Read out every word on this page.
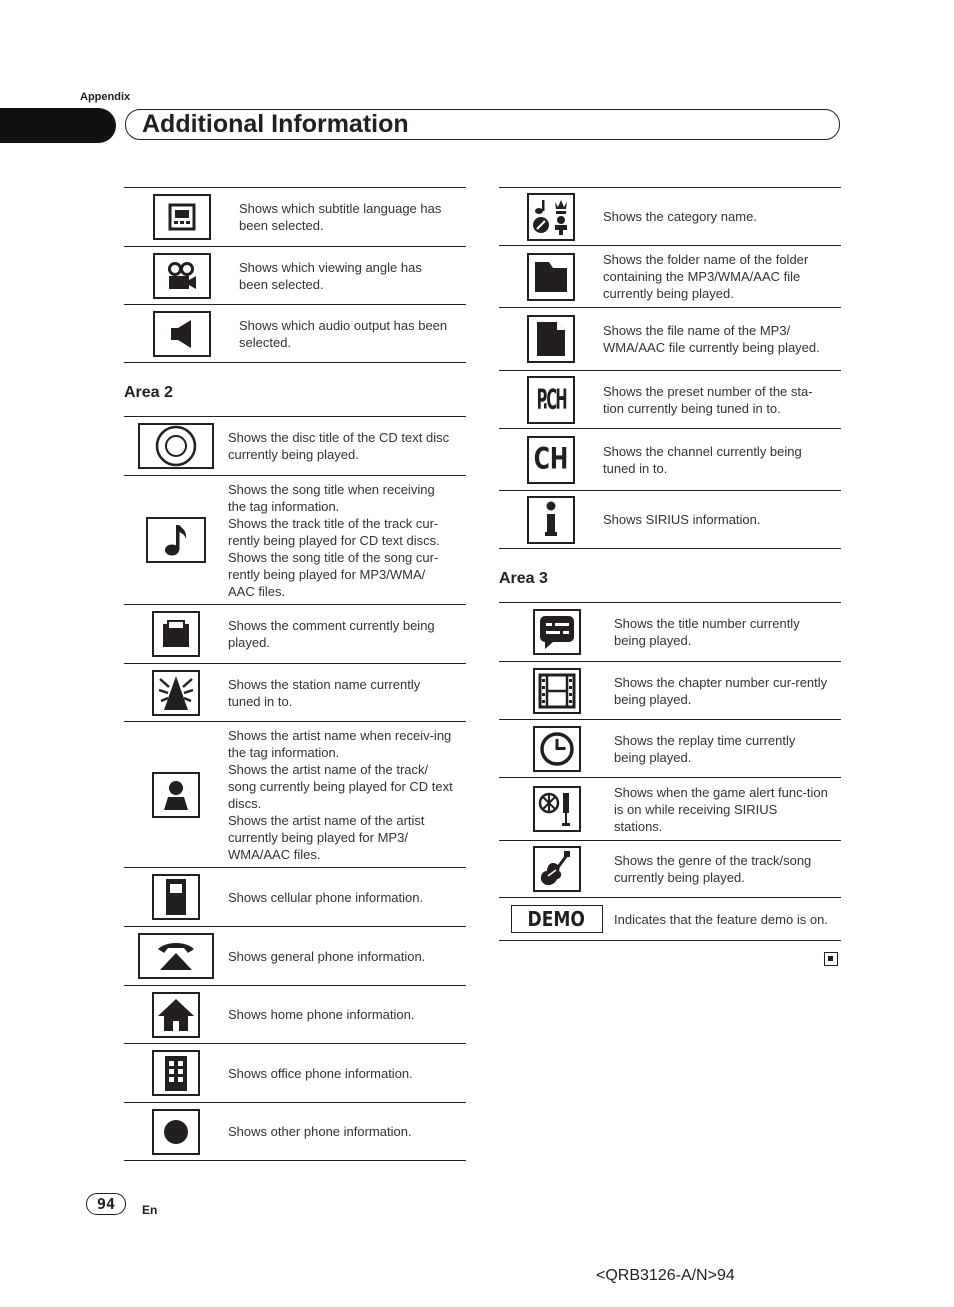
Appendix
Additional Information
Shows which subtitle language has been selected.
Shows which viewing angle has been selected.
Shows which audio output has been selected.
Area 2
Shows the disc title of the CD text disc currently being played.
Shows the song title when receiving the tag information.
Shows the track title of the track cur-rently being played for CD text discs.
Shows the song title of the song cur-rently being played for MP3/WMA/ AAC files.
Shows the comment currently being played.
Shows the station name currently tuned in to.
Shows the artist name when receiv-ing the tag information.
Shows the artist name of the track/ song currently being played for CD text discs.
Shows the artist name of the artist currently being played for MP3/ WMA/AAC files.
Shows cellular phone information.
Shows general phone information.
Shows home phone information.
Shows office phone information.
Shows other phone information.
Shows the category name.
Shows the folder name of the folder containing the MP3/WMA/AAC file currently being played.
Shows the file name of the MP3/ WMA/AAC file currently being played.
P.CH	Shows the preset number of the sta-tion currently being tuned in to.
CH	Shows the channel currently being tuned in to.
Shows SIRIUS information.
Area 3
Shows the title number currently being played.
Shows the chapter number cur-rently being played.
Shows the replay time currently being played.
Shows when the game alert func-tion is on while receiving SIRIUS stations.
Shows the genre of the track/song currently being played.
DEMO Indicates that the feature demo is on.
94	En
<QRB3126-A/N>94
